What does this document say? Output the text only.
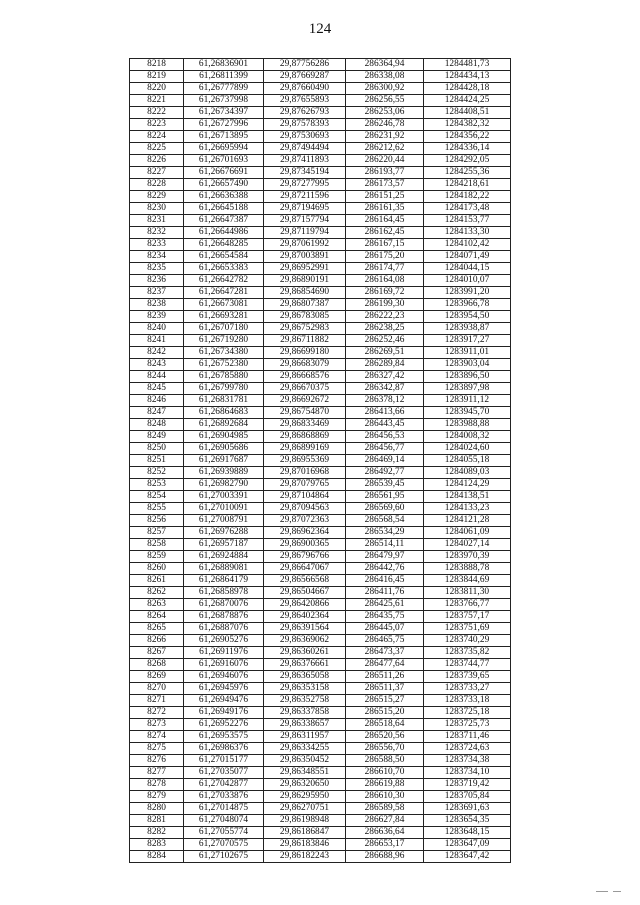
124
8218	61,26836901	29,87756286	286364,94	1284481,73
8219	61,26811399	29,87669287	286338,08	1284434,13
8220	61,26777899	29,87660490	286300,92	1284428,18
8221	61,26737998	29,87655893	286256,55	1284424,25
8222	61,26734397	29,87626793	286253,06	1284408,51
8223	61,26727996	29,87578393	286246,78	1284382,32
8224	61,26713895	29,87530693	286231,92	1284356,22
8225	61,26695994	29,87494494	286212,62	1284336,14
8226	61,26701693	29,87411893	286220,44	1284292,05
8227	61,26676691	29,87345194	286193,77	1284255,36
8228	61,26657490	29,87277995	286173,57	1284218,61
8229	61,26636388	29,87211596	286151,25	1284182,22
8230	61,26645188	29,87194695	286161,35	1284173,48
8231	61,26647387	29,87157794	286164,45	1284153,77
8232	61,26644986	29,87119794	286162,45	1284133,30
8233	61,26648285	29,87061992	286167,15	1284102,42
8234	61,26654584	29,87003891	286175,20	1284071,49
8235	61,26653383	29,86952991	286174,77	1284044,15
8236	61,26642782	29,86890191	286164,08	1284010,07
8237	61,26647281	29,86854690	286169,72	1283991,20
8238	61,26673081	29,86807387	286199,30	1283966,78
8239	61,26693281	29,86783085	286222,23	1283954,50
8240	61,26707180	29,86752983	286238,25	1283938,87
8241	61,26719280	29,86711882	286252,46	1283917,27
8242	61,26734380	29,86699180	286269,51	1283911,01
8243	61,26752380	29,86683079	286289,84	1283903,04
8244	61,26785880	29,86668576	286327,42	1283896,50
8245	61,26799780	29,86670375	286342,87	1283897,98
8246	61,26831781	29,86692672	286378,12	1283911,12
8247	61,26864683	29,86754870	286413,66	1283945,70
8248	61,26892684	29,86833469	286443,45	1283988,88
8249	61,26904985	29,86868869	286456,53	1284008,32
8250	61,26905686	29,86899169	286456,77	1284024,60
8251	61,26917687	29,86955369	286469,14	1284055,18
8252	61,26939889	29,87016968	286492,77	1284089,03
8253	61,26982790	29,87079765	286539,45	1284124,29
8254	61,27003391	29,87104864	286561,95	1284138,51
8255	61,27010091	29,87094563	286569,60	1284133,23
8256	61,27008791	29,87072363	286568,54	1284121,28
8257	61,26976288	29,86962364	286534,29	1284061,09
8258	61,26957187	29,86900365	286514,11	1284027,14
8259	61,26924884	29,86796766	286479,97	1283970,39
8260	61,26889081	29,86647067	286442,76	1283888,78
8261	61,26864179	29,86566568	286416,45	1283844,69
8262	61,26858978	29,86504667	286411,76	1283811,30
8263	61,26870076	29,86420866	286425,61	1283766,77
8264	61,26878876	29,86402364	286435,75	1283757,17
8265	61,26887076	29,86391564	286445,07	1283751,69
8266	61,26905276	29,86369062	286465,75	1283740,29
8267	61,26911976	29,86360261	286473,37	1283735,82
8268	61,26916076	29,86376661	286477,64	1283744,77
8269	61,26946076	29,86365058	286511,26	1283739,65
8270	61,26945976	29,86353158	286511,37	1283733,27
8271	61,26949476	29,86352758	286515,27	1283733,18
8272	61,26949176	29,86337858	286515,20	1283725,18
8273	61,26952276	29,86338657	286518,64	1283725,73
8274	61,26953575	29,86311957	286520,56	1283711,46
8275	61,26986376	29,86334255	286556,70	1283724,63
8276	61,27015177	29,86350452	286588,50	1283734,38
8277	61,27035077	29,86348551	286610,70	1283734,10
8278	61,27042877	29,86320650	286619,88	1283719,42
8279	61,27033876	29,86295950	286610,30	1283705,84
8280	61,27014875	29,86270751	286589,58	1283691,63
8281	61,27048074	29,86198948	286627,84	1283654,35
8282	61,27055774	29,86186847	286636,64	1283648,15
8283	61,27070575	29,86183846	286653,17	1283647,09
8284	61,27102675	29,86182243	286688,96	1283647,42
